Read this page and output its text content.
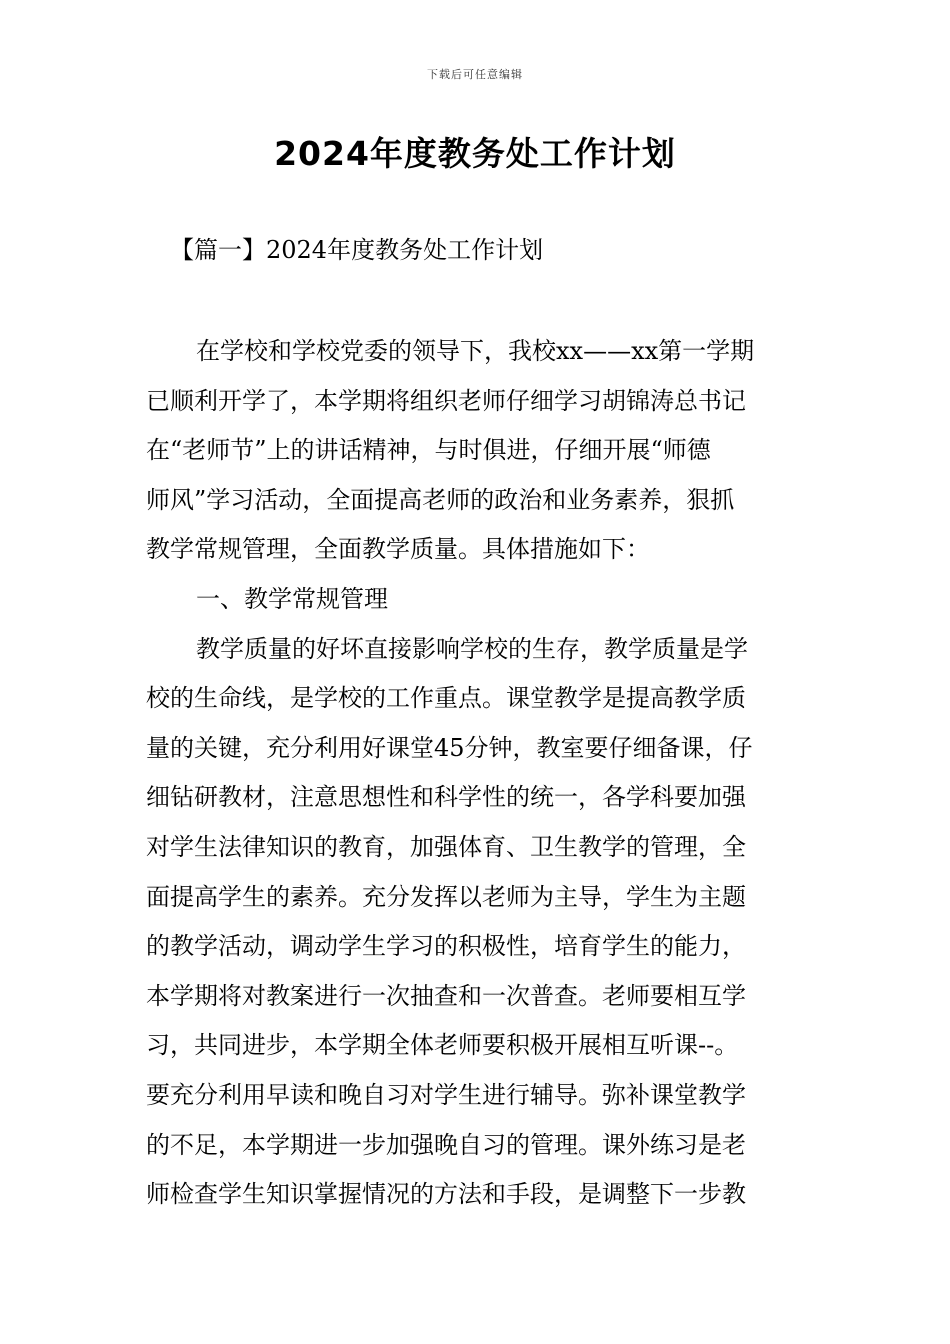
下载后可任意编辑
2024年度教务处工作计划
【篇一】2024年度教务处工作计划
在学校和学校党委的领导下，我校xx——xx第一学期
已顺利开学了，本学期将组织老师仔细学习胡锦涛总书记
在“老师节”上的讲话精神，与时俱进，仔细开展“师德
师风”学习活动，全面提高老师的政治和业务素养，狠抓
教学常规管理，全面教学质量。具体措施如下：
一、教学常规管理
教学质量的好坏直接影响学校的生存，教学质量是学
校的生命线，是学校的工作重点。课堂教学是提高教学质
量的关键，充分利用好课堂45分钟，教室要仔细备课，仔
细钻研教材，注意思想性和科学性的统一，各学科要加强
对学生法律知识的教育，加强体育、卫生教学的管理，全
面提高学生的素养。充分发挥以老师为主导，学生为主题
的教学活动，调动学生学习的积极性，培育学生的能力，
本学期将对教案进行一次抽查和一次普查。老师要相互学
习，共同进步，本学期全体老师要积极开展相互听课--。
要充分利用早读和晚自习对学生进行辅导。弥补课堂教学
的不足，本学期进一步加强晚自习的管理。课外练习是老
师检查学生知识掌握情况的方法和手段，是调整下一步教
